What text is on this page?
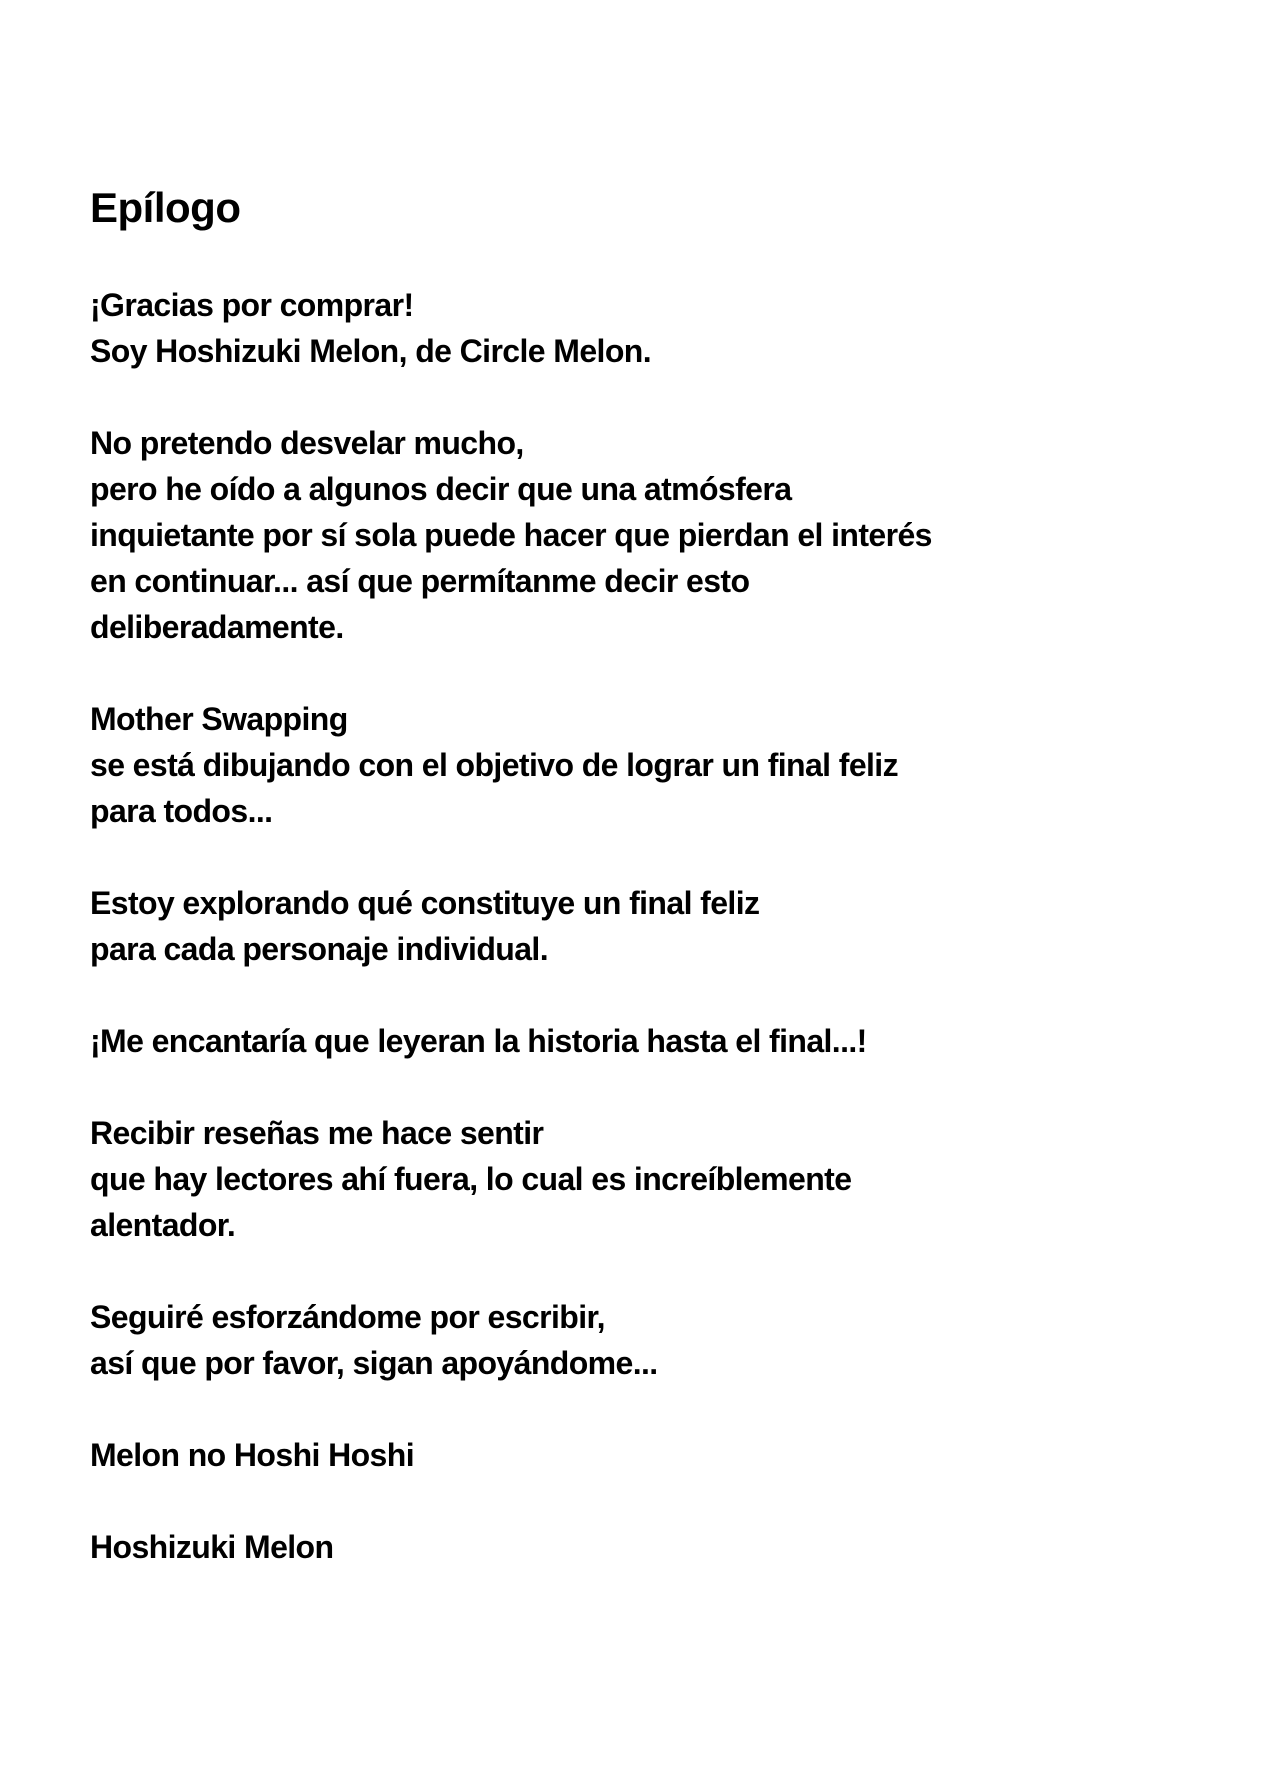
Epílogo

¡Gracias por comprar!
Soy Hoshizuki Melon, de Circle Melon.

No pretendo desvelar mucho,
pero he oído a algunos decir que una atmósfera
inquietante por sí sola puede hacer que pierdan el interés
en continuar... así que permítanme decir esto
deliberadamente.

Mother Swapping
se está dibujando con el objetivo de lograr un final feliz
para todos...

Estoy explorando qué constituye un final feliz
para cada personaje individual.

¡Me encantaría que leyeran la historia hasta el final...!

Recibir reseñas me hace sentir
que hay lectores ahí fuera, lo cual es increíblemente
alentador.

Seguiré esforzándome por escribir,
así que por favor, sigan apoyándome...

Melon no Hoshi Hoshi

Hoshizuki Melon
